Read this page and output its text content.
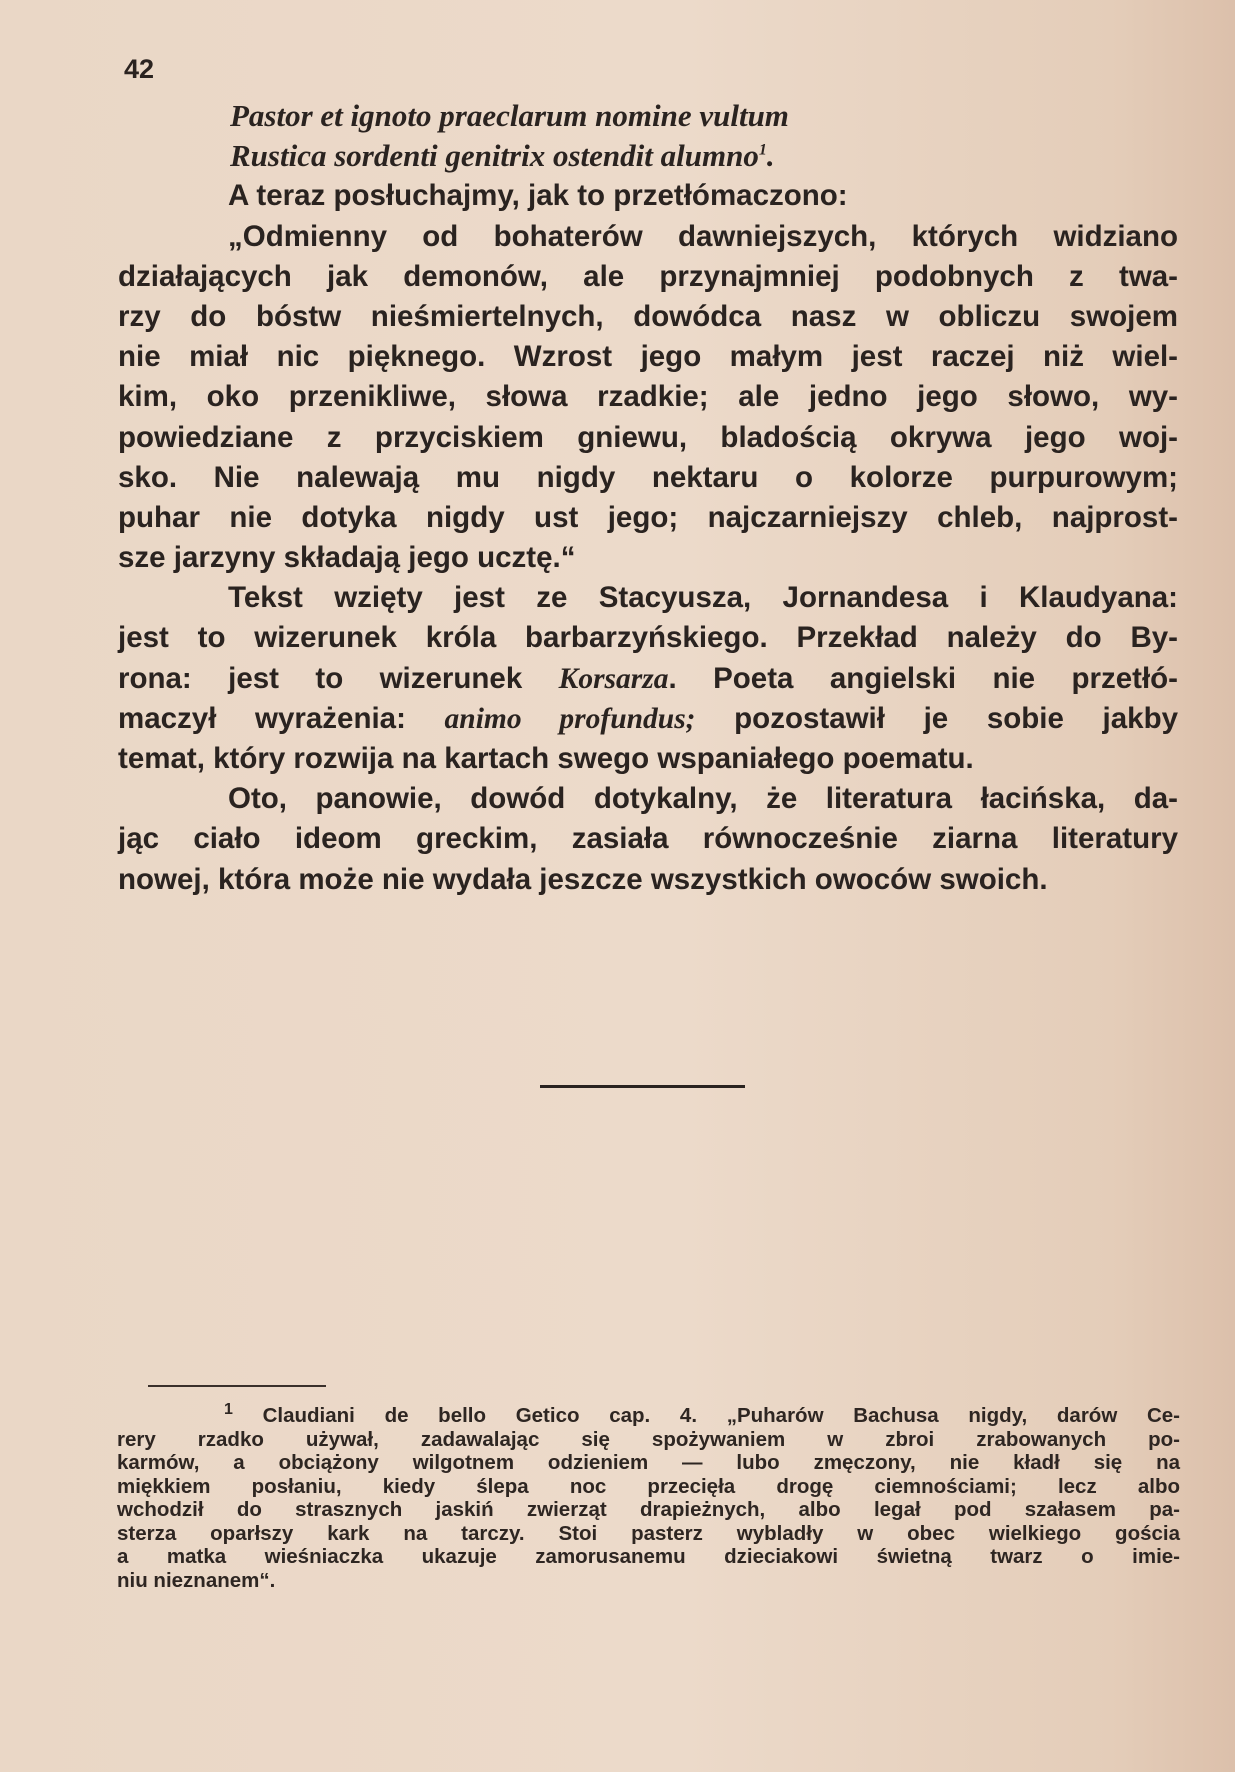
42
Pastor et ignoto praeclarum nomine vultum
Rustica sordenti genitrix ostendit alumno$^1$.
A teraz posłuchajmy, jak to przetłómaczono:
„Odmienny od bohaterów dawniejszych, których widziano
działających jak demonów, ale przynajmniej podobnych z twa-
rzy do bóstw nieśmiertelnych, dowódca nasz w obliczu swojem
nie miał nic pięknego. Wzrost jego małym jest raczej niż wiel-
kim, oko przenikliwe, słowa rzadkie; ale jedno jego słowo, wy-
powiedziane z przyciskiem gniewu, bladością okrywa jego woj-
sko. Nie nalewają mu nigdy nektaru o kolorze purpurowym;
puhar nie dotyka nigdy ust jego; najczarniejszy chleb, najprost-
sze jarzyny składają jego ucztę.“
Tekst wzięty jest ze Stacyusza, Jornandesa i Klaudyana:
jest to wizerunek króla barbarzyńskiego. Przekład należy do By-
rona: jest to wizerunek Korsarza. Poeta angielski nie przetłó-
maczył wyrażenia: animo profundus; pozostawił je sobie jakby
temat, który rozwija na kartach swego wspaniałego poematu.
Oto, panowie, dowód dotykalny, że literatura łacińska, da-
jąc ciało ideom greckim, zasiała równocześnie ziarna literatury
nowej, która może nie wydała jeszcze wszystkich owoców swoich.
$^1$ Claudiani de bello Getico cap. 4. „Puharów Bachusa nigdy, darów Ce-
rery rzadko używał, zadawalając się spożywaniem w zbroi zrabowanych po-
karmów, a obciążony wilgotnem odzieniem — lubo zmęczony, nie kładł się na
miękkiem posłaniu, kiedy ślepa noc przecięła drogę ciemnościami; lecz albo
wchodził do strasznych jaskiń zwierząt drapieżnych, albo legał pod szałasem pa-
sterza oparłszy kark na tarczy. Stoi pasterz wybladły w obec wielkiego gościa
a matka wieśniaczka ukazuje zamorusanemu dzieciakowi świetną twarz o imie-
niu nieznanem“.
